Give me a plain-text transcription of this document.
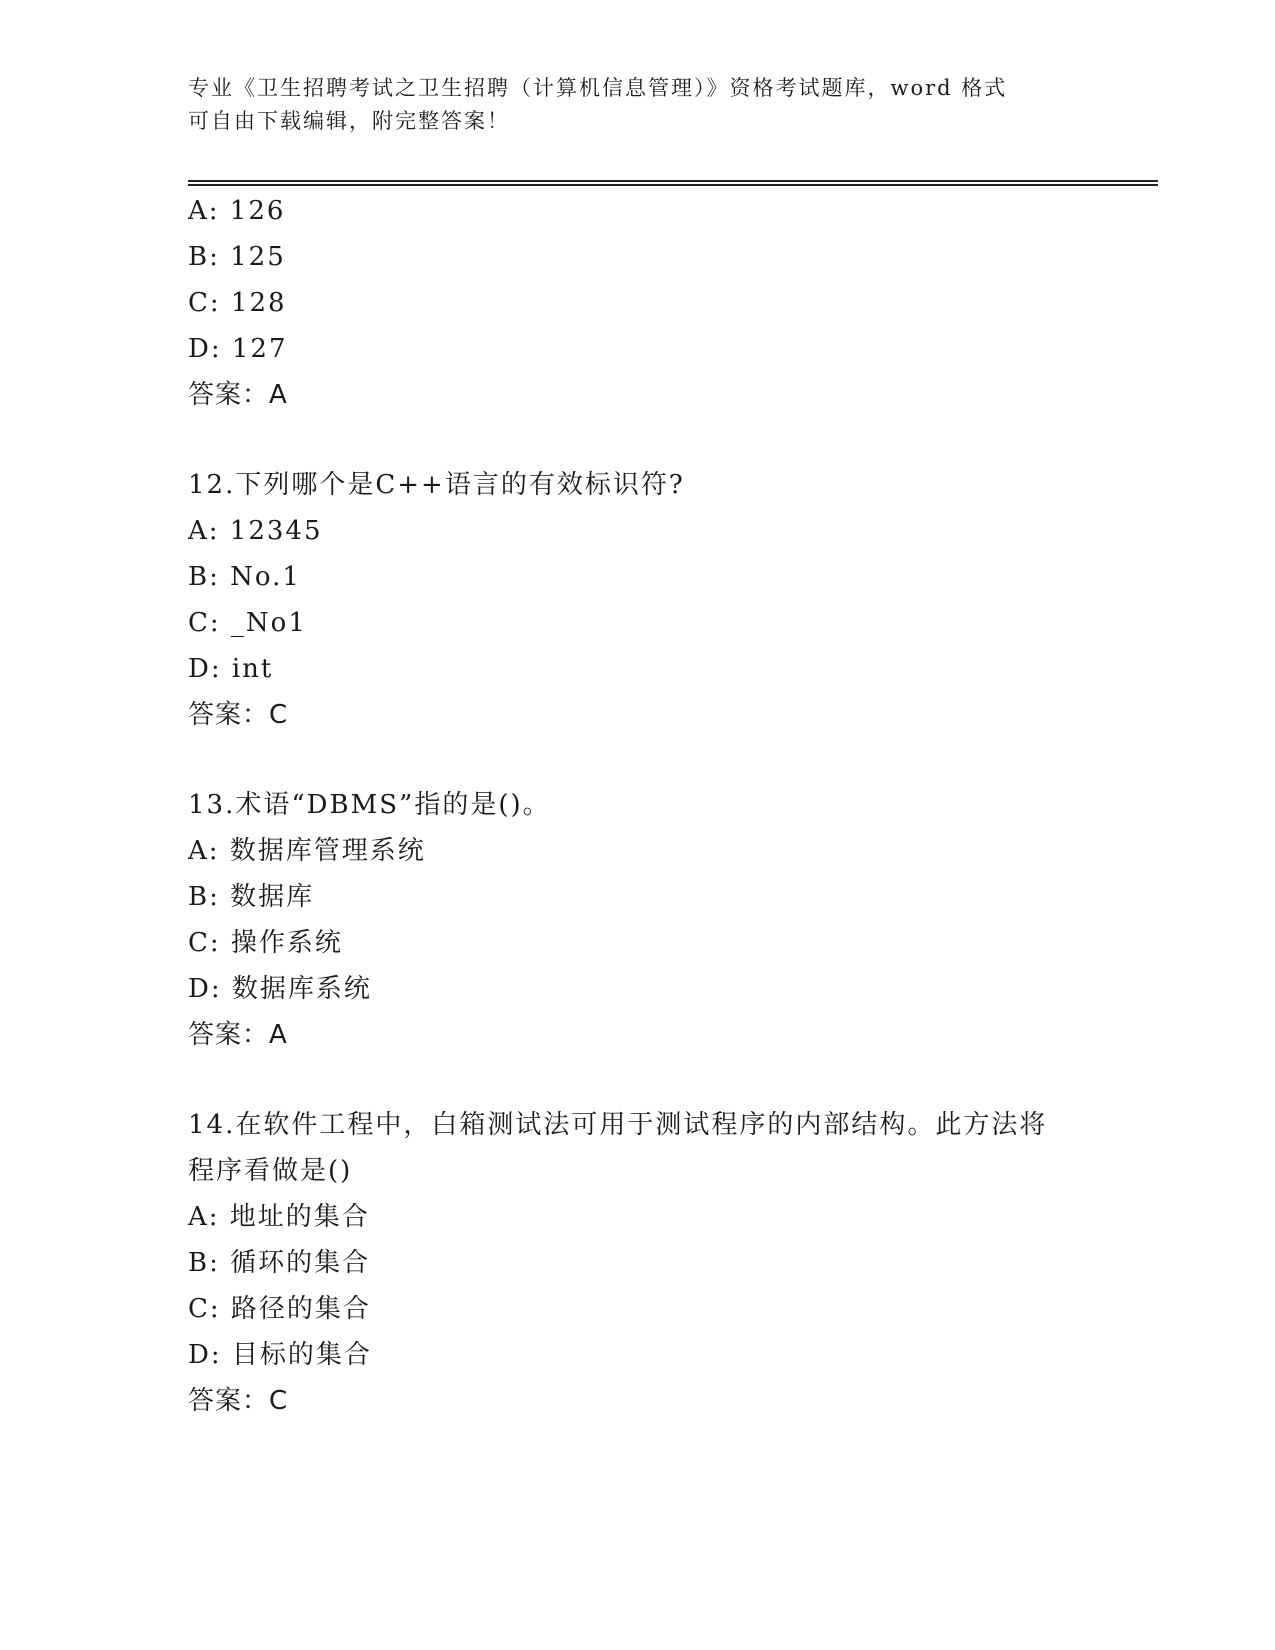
专业《卫生招聘考试之卫生招聘（计算机信息管理）》资格考试题库，word 格式
可自由下载编辑，附完整答案！
A: 126
B: 125
C: 128
D: 127
答案：A
12.下列哪个是C++语言的有效标识符?
A: 12345
B: No.1
C: _No1
D: int
答案：C
13.术语“DBMS”指的是()。
A: 数据库管理系统
B: 数据库
C: 操作系统
D: 数据库系统
答案：A
14.在软件工程中，白箱测试法可用于测试程序的内部结构。此方法将
程序看做是()
A: 地址的集合
B: 循环的集合
C: 路径的集合
D: 目标的集合
答案：C
